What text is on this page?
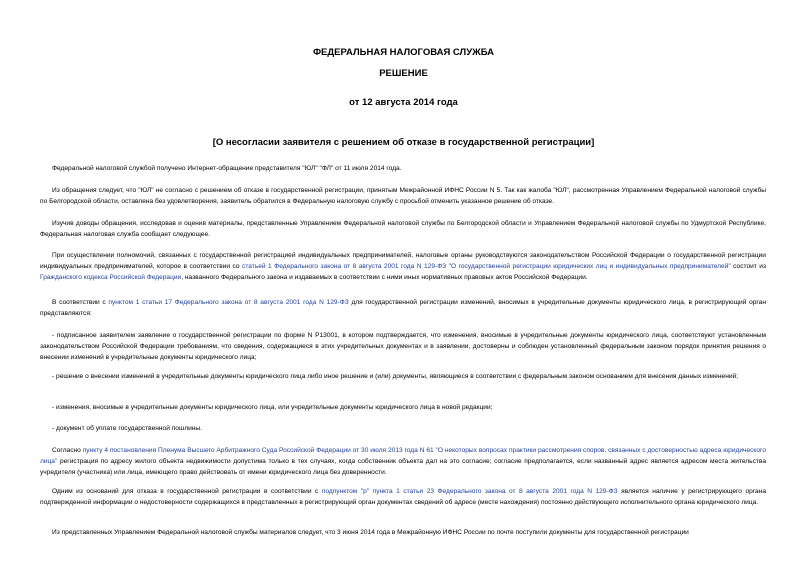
ФЕДЕРАЛЬНАЯ НАЛОГОВАЯ СЛУЖБА
РЕШЕНИЕ
от 12 августа 2014 года
[О несогласии заявителя с решением об отказе в государственной регистрации]

Федеральной налоговой службой получено Интернет-обращение представителя "ЮЛ" "ФЛ" от 11 июля 2014 года.

Из обращения следует, что "ЮЛ" не согласно с решением об отказе в государственной регистрации, принятым Межрайонной ИФНС России N 5. Так как жалоба "ЮЛ", рассмотренная Управлением Федеральной налоговой службы по Белгородской области, оставлена без удовлетворения, заявитель обратился в Федеральную налоговую службу с просьбой отменить указанное решение об отказе.

Изучив доводы обращения, исследовав и оценив материалы, представленные Управлением Федеральной налоговой службы по Белгородской области и Управлением Федеральной налоговой службы по Удмуртской Республике, Федеральная налоговая служба сообщает следующее.

При осуществлении полномочий, связанных с государственной регистрацией индивидуальных предпринимателей, налоговые органы руководствуются законодательством Российской Федерации о государственной регистрации индивидуальных предпринимателей, которое в соответствии со статьей 1 Федерального закона от 8 августа 2001 года N 129-ФЗ "О государственной регистрации юридических лиц и индивидуальных предпринимателей" состоит из Гражданского кодекса Российской Федерации, названного Федерального закона и издаваемых в соответствии с ними иных нормативных правовых актов Российской Федерации.

В соответствии с пунктом 1 статьи 17 Федерального закона от 8 августа 2001 года N 129-ФЗ для государственной регистрации изменений, вносимых в учредительные документы юридического лица, в регистрирующий орган представляются:

- подписанное заявителем заявление о государственной регистрации по форме N Р13001, в котором подтверждается, что изменения, вносимые в учредительные документы юридического лица, соответствуют установленным законодательством Российской Федерации требованиям, что сведения, содержащиеся в этих учредительных документах и в заявлении, достоверны и соблюден установленный федеральным законом порядок принятия решения о внесении изменений в учредительные документы юридического лица;

- решение о внесении изменений в учредительные документы юридического лица либо иное решение и (или) документы, являющиеся в соответствии с федеральным законом основанием для внесения данных изменений;

- изменения, вносимые в учредительные документы юридического лица, или учредительные документы юридического лица в новой редакции;

- документ об уплате государственной пошлины.

Согласно пункту 4 постановления Пленума Высшего Арбитражного Суда Российской Федерации от 30 июля 2013 года N 61 "О некоторых вопросах практики рассмотрения споров, связанных с достоверностью адреса юридического лица" регистрация по адресу жилого объекта недвижимости допустима только в тех случаях, когда собственник объекта дал на это согласие; согласие предполагается, если названный адрес является адресом места жительства учредителя (участника) или лица, имеющего право действовать от имени юридического лица без доверенности.

Одним из оснований для отказа в государственной регистрации в соответствии с подпунктом "р" пункта 1 статьи 23 Федерального закона от 8 августа 2001 года N 129-ФЗ является наличие у регистрирующего органа подтвержденной информации о недостоверности содержащихся в представленных в регистрирующий орган документах сведений об адресе (месте нахождения) постоянно действующего исполнительного органа юридического лица.

Из представленных Управлением Федеральной налоговой службы материалов следует, что 3 июня 2014 года в Межрайонную ИФНС России по почте поступили документы для государственной регистрации
